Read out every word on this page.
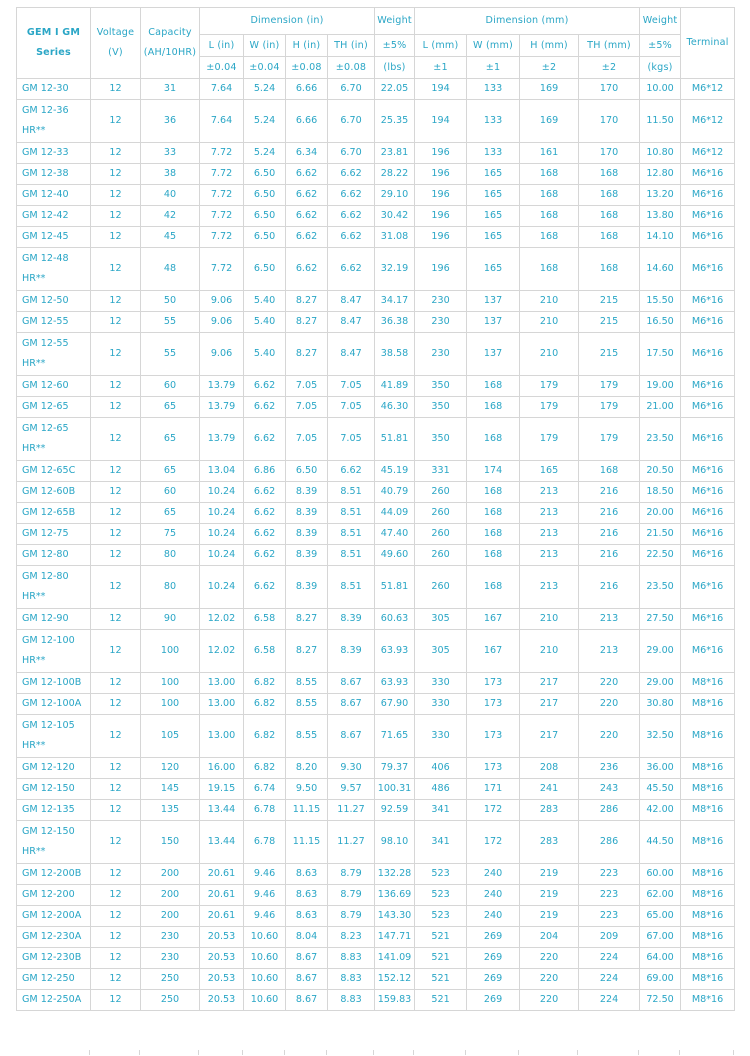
GEM I GM Series	Voltage (V)	Capacity (AH/10HR)	Dimension (in)				Weight	Dimension (mm)				Weight	Terminal
			L (in)	W (in)	H (in)	TH (in)	±5%	L (mm)	W (mm)	H (mm)	TH (mm)	±5%	
			±0.04	±0.04	±0.08	±0.08	(lbs)	±1	±1	±2	±2	(kgs)	
GM 12-30	12	31	7.64	5.24	6.66	6.70	22.05	194	133	169	170	10.00	M6*12
GM 12-36 HR**	12	36	7.64	5.24	6.66	6.70	25.35	194	133	169	170	11.50	M6*12
GM 12-33	12	33	7.72	5.24	6.34	6.70	23.81	196	133	161	170	10.80	M6*12
GM 12-38	12	38	7.72	6.50	6.62	6.62	28.22	196	165	168	168	12.80	M6*16
GM 12-40	12	40	7.72	6.50	6.62	6.62	29.10	196	165	168	168	13.20	M6*16
GM 12-42	12	42	7.72	6.50	6.62	6.62	30.42	196	165	168	168	13.80	M6*16
GM 12-45	12	45	7.72	6.50	6.62	6.62	31.08	196	165	168	168	14.10	M6*16
GM 12-48 HR**	12	48	7.72	6.50	6.62	6.62	32.19	196	165	168	168	14.60	M6*16
GM 12-50	12	50	9.06	5.40	8.27	8.47	34.17	230	137	210	215	15.50	M6*16
GM 12-55	12	55	9.06	5.40	8.27	8.47	36.38	230	137	210	215	16.50	M6*16
GM 12-55 HR**	12	55	9.06	5.40	8.27	8.47	38.58	230	137	210	215	17.50	M6*16
GM 12-60	12	60	13.79	6.62	7.05	7.05	41.89	350	168	179	179	19.00	M6*16
GM 12-65	12	65	13.79	6.62	7.05	7.05	46.30	350	168	179	179	21.00	M6*16
GM 12-65 HR**	12	65	13.79	6.62	7.05	7.05	51.81	350	168	179	179	23.50	M6*16
GM 12-65C	12	65	13.04	6.86	6.50	6.62	45.19	331	174	165	168	20.50	M6*16
GM 12-60B	12	60	10.24	6.62	8.39	8.51	40.79	260	168	213	216	18.50	M6*16
GM 12-65B	12	65	10.24	6.62	8.39	8.51	44.09	260	168	213	216	20.00	M6*16
GM 12-75	12	75	10.24	6.62	8.39	8.51	47.40	260	168	213	216	21.50	M6*16
GM 12-80	12	80	10.24	6.62	8.39	8.51	49.60	260	168	213	216	22.50	M6*16
GM 12-80 HR**	12	80	10.24	6.62	8.39	8.51	51.81	260	168	213	216	23.50	M6*16
GM 12-90	12	90	12.02	6.58	8.27	8.39	60.63	305	167	210	213	27.50	M6*16
GM 12-100 HR**	12	100	12.02	6.58	8.27	8.39	63.93	305	167	210	213	29.00	M6*16
GM 12-100B	12	100	13.00	6.82	8.55	8.67	63.93	330	173	217	220	29.00	M8*16
GM 12-100A	12	100	13.00	6.82	8.55	8.67	67.90	330	173	217	220	30.80	M8*16
GM 12-105 HR**	12	105	13.00	6.82	8.55	8.67	71.65	330	173	217	220	32.50	M8*16
GM 12-120	12	120	16.00	6.82	8.20	9.30	79.37	406	173	208	236	36.00	M8*16
GM 12-150	12	145	19.15	6.74	9.50	9.57	100.31	486	171	241	243	45.50	M8*16
GM 12-135	12	135	13.44	6.78	11.15	11.27	92.59	341	172	283	286	42.00	M8*16
GM 12-150 HR**	12	150	13.44	6.78	11.15	11.27	98.10	341	172	283	286	44.50	M8*16
GM 12-200B	12	200	20.61	9.46	8.63	8.79	132.28	523	240	219	223	60.00	M8*16
GM 12-200	12	200	20.61	9.46	8.63	8.79	136.69	523	240	219	223	62.00	M8*16
GM 12-200A	12	200	20.61	9.46	8.63	8.79	143.30	523	240	219	223	65.00	M8*16
GM 12-230A	12	230	20.53	10.60	8.04	8.23	147.71	521	269	204	209	67.00	M8*16
GM 12-230B	12	230	20.53	10.60	8.67	8.83	141.09	521	269	220	224	64.00	M8*16
GM 12-250	12	250	20.53	10.60	8.67	8.83	152.12	521	269	220	224	69.00	M8*16
GM 12-250A	12	250	20.53	10.60	8.67	8.83	159.83	521	269	220	224	72.50	M8*16
